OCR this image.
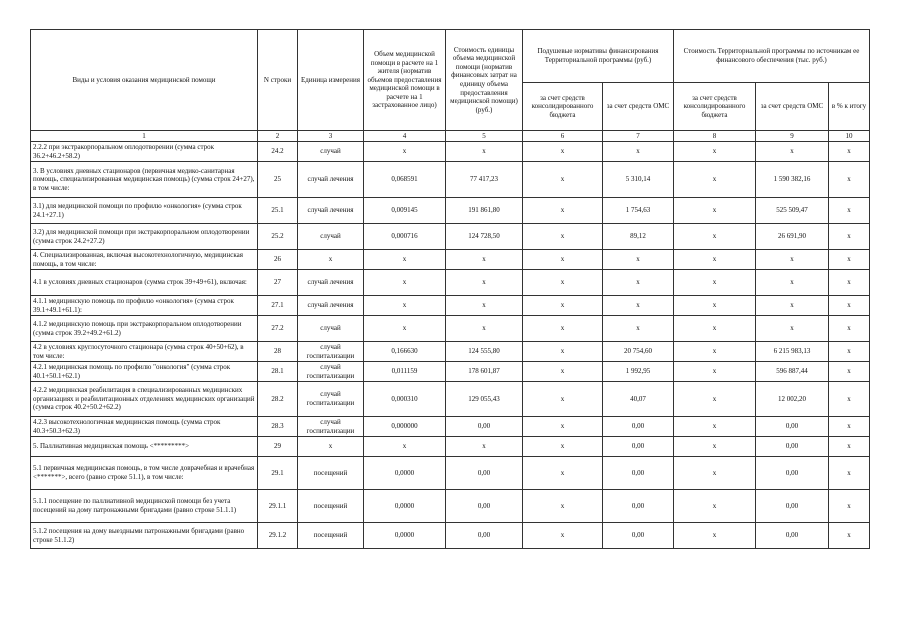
Виды и условия оказания медицинской помощи	N строки	Единица измерения	Объем медицинской помощи в расчете на 1 жителя (норматив объемов предоставления медицинской помощи в расчете на 1 застрахованное лицо)	Стоимость единицы объема медицинской помощи (норматив финансовых затрат на единицу объема предоставления медицинской помощи) (руб.)	Подушевые нормативы финансирования Территориальной программы (руб.)		Стоимость Территориальной программы по источникам ее финансового обеспечения (тыс. руб.)		
					за счет средств консолидированного бюджета	за счет средств ОМС	за счет средств консолидированного бюджета	за счет средств ОМС	в % к итогу
1	2	3	4	5	6	7	8	9	10
2.2.2 при экстракорпоральном оплодотворении (сумма строк 36.2+46.2+58.2)	24.2	случай	х	х	х	х	х	х	х
3. В условиях дневных стационаров (первичная медико-санитарная помощь, специализированная медицинская помощь) (сумма строк 24+27), в том числе:	25	случай лечения	0,068591	77 417,23	х	5 310,14	х	1 590 382,16	х
3.1) для медицинской помощи по профилю «онкология» (сумма строк 24.1+27.1)	25.1	случай лечения	0,009145	191 861,80	х	1 754,63	х	525 509,47	х
3.2) для медицинской помощи при экстракорпоральном оплодотворении (сумма строк 24.2+27.2)	25.2	случай	0,000716	124 728,50	х	89,12	х	26 691,90	х
4. Специализированная, включая высокотехнологичную, медицинская помощь, в том числе:	26	х	х	х	х	х	х	х	х
4.1 в условиях дневных стационаров (сумма строк 39+49+61), включая:	27	случай лечения	х	х	х	х	х	х	х
4.1.1 медицинскую помощь по профилю «онкология» (сумма строк 39.1+49.1+61.1):	27.1	случай лечения	х	х	х	х	х	х	х
4.1.2 медицинскую помощь при экстракорпоральном оплодотворении (сумма строк 39.2+49.2+61.2)	27.2	случай	х	х	х	х	х	х	х
4.2 в условиях круглосуточного стационара (сумма строк 40+50+62), в том числе:	28	случай госпитализации	0,166630	124 555,80	х	20 754,60	х	6 215 983,13	х
4.2.1 медицинская помощь по профилю "онкология" (сумма строк 40.1+50.1+62.1)	28.1	случай госпитализации	0,011159	178 601,87	х	1 992,95	х	596 887,44	х
4.2.2 медицинская реабилитация в специализированных медицинских организациях и реабилитационных отделениях медицинских организаций (сумма строк 40.2+50.2+62.2)	28.2	случай госпитализации	0,000310	129 055,43	х	40,07	х	12 002,20	х
4.2.3 высокотехнологичная медицинская помощь (сумма строк 40.3+50.3+62.3)	28.3	случай госпитализации	0,000000	0,00	х	0,00	х	0,00	х
5. Паллиативная медицинская помощь <*********>	29	х	х	х	х	0,00	х	0,00	х
5.1 первичная медицинская помощь, в том числе доврачебная и врачебная <*******>, всего (равно строке 51.1), в том числе:	29.1	посещений	0,0000	0,00	х	0,00	х	0,00	х
5.1.1 посещение по паллиативной медицинской помощи без учета посещений на дому патронажными бригадами (равно строке 51.1.1)	29.1.1	посещений	0,0000	0,00	х	0,00	х	0,00	х
5.1.2 посещения на дому выездными патронажными бригадами (равно строке 51.1.2)	29.1.2	посещений	0,0000	0,00	х	0,00	х	0,00	х
